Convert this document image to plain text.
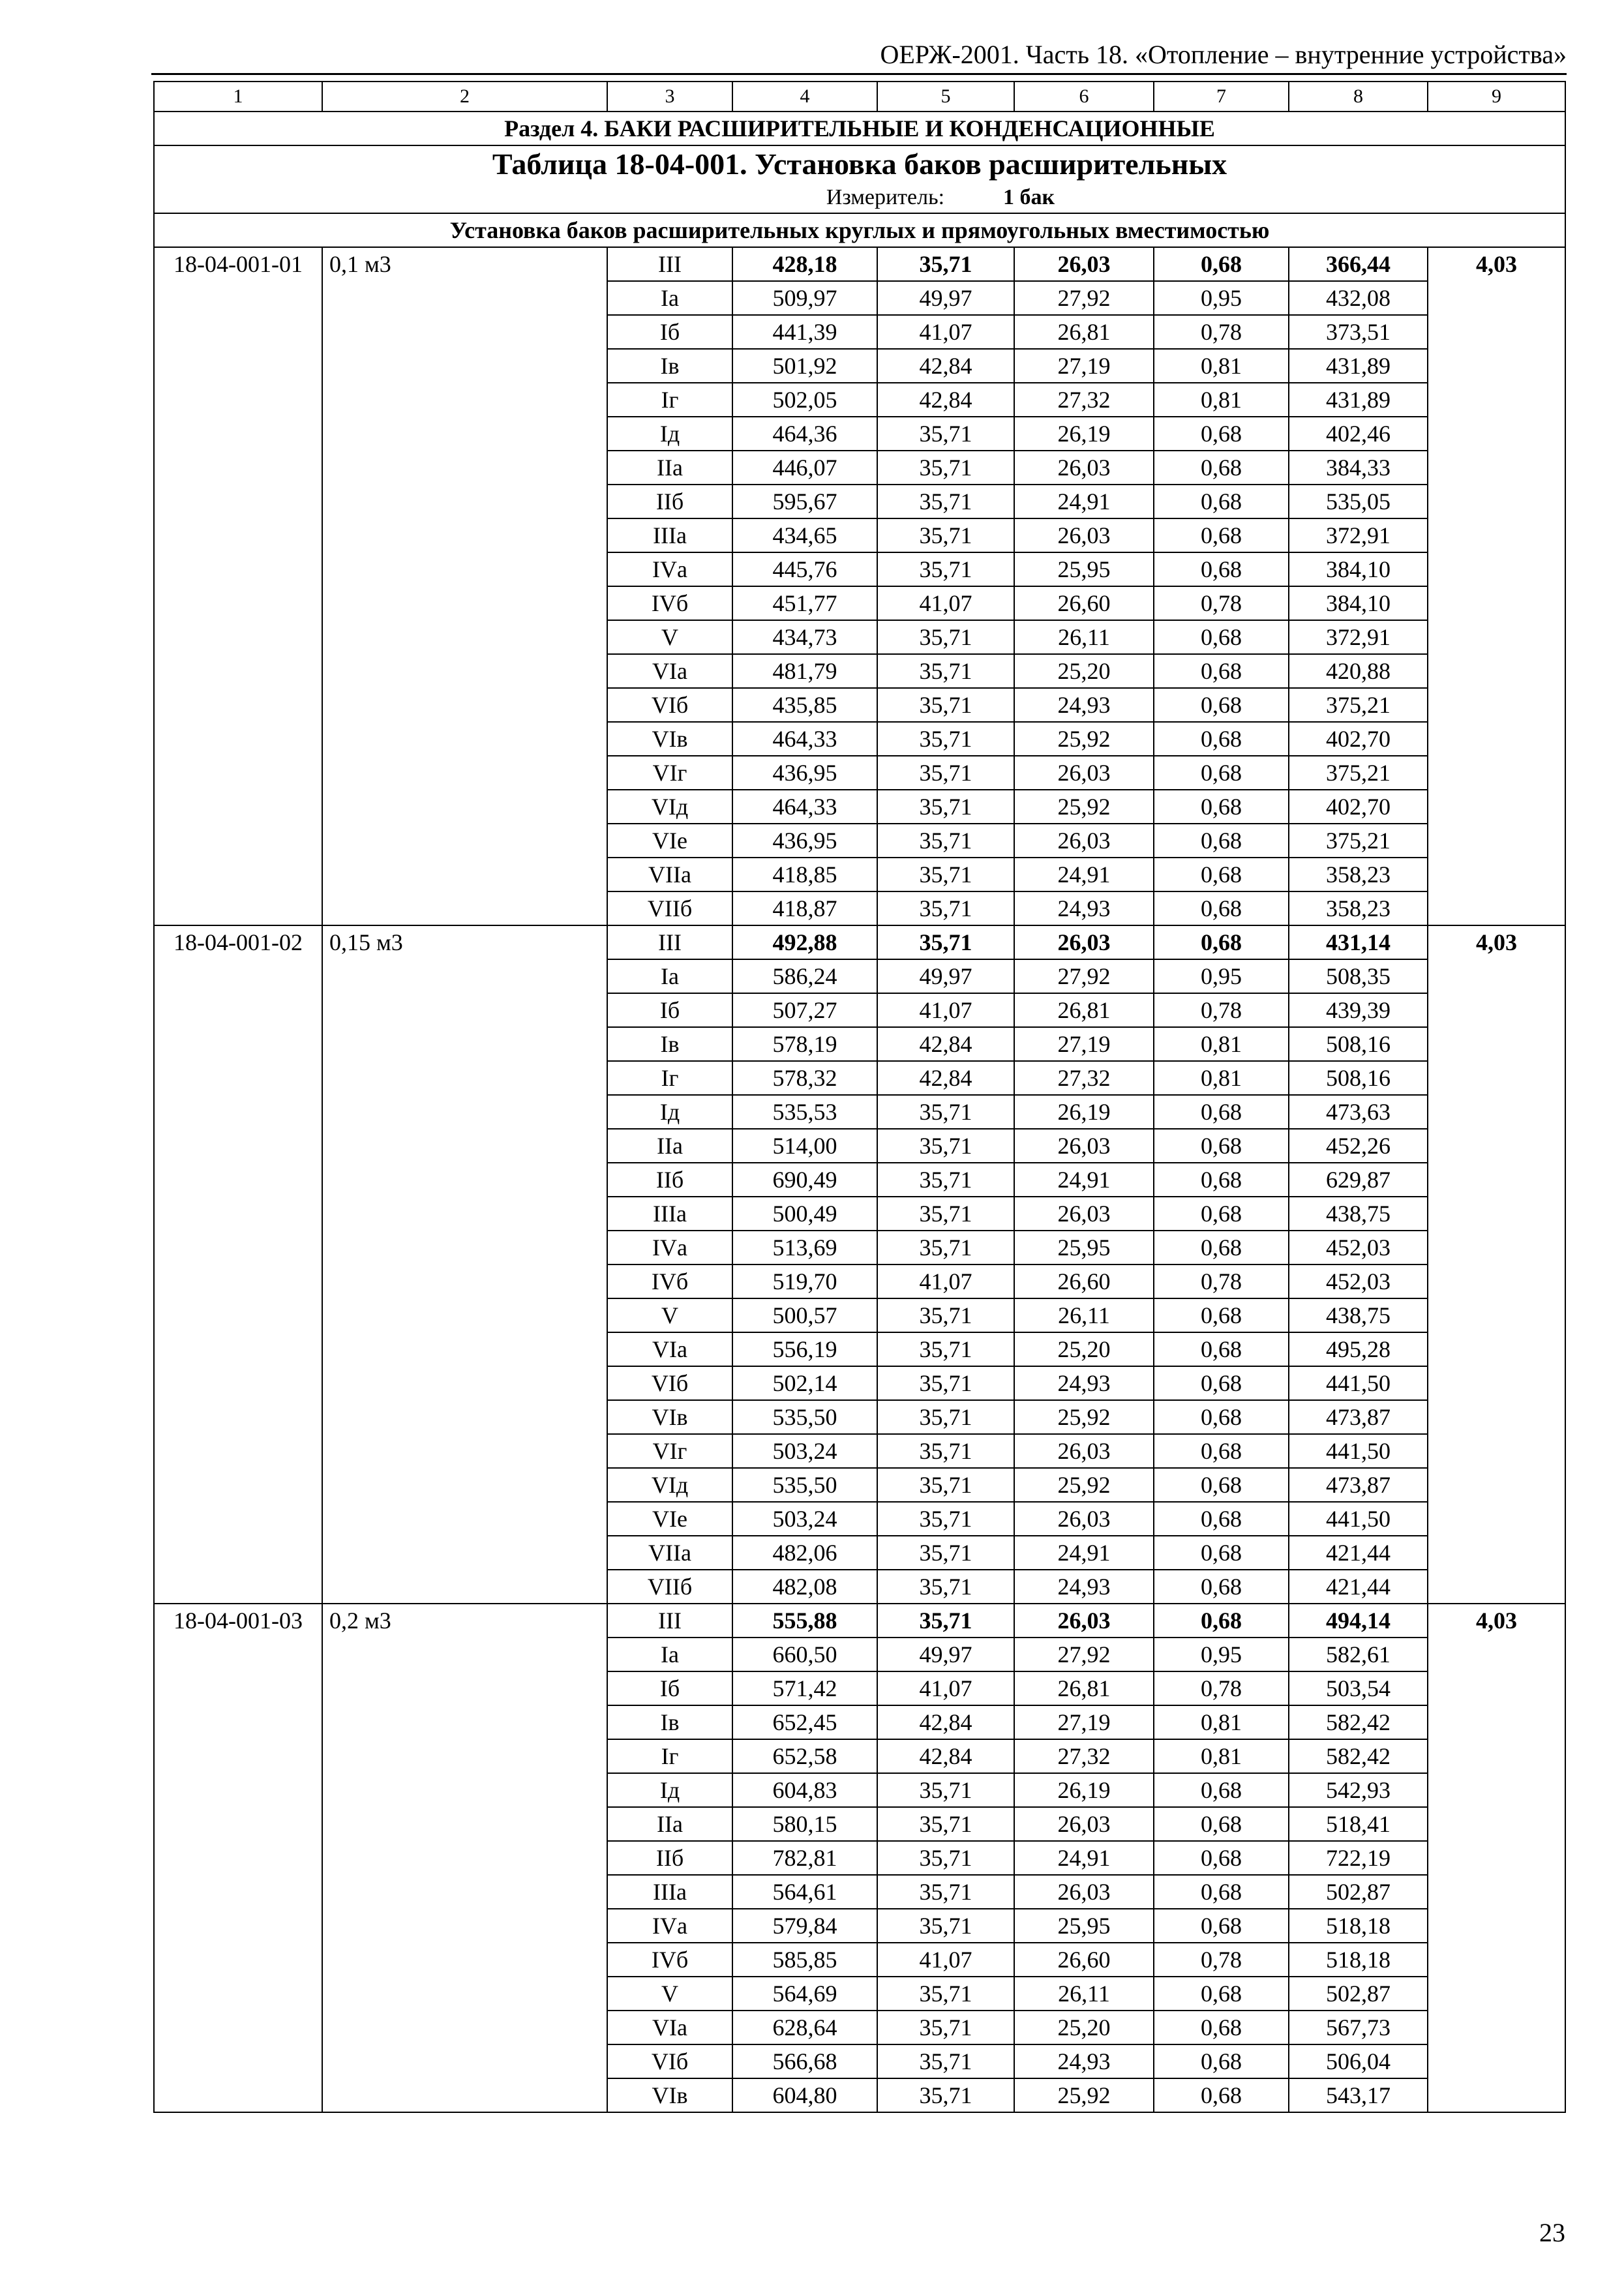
ОЕРЖ-2001. Часть 18. «Отопление – внутренние устройства»
1	2	3	4	5	6	7	8	9
Раздел 4. БАКИ РАСШИРИТЕЛЬНЫЕ И КОНДЕНСАЦИОННЫЕ								

Таблица 18-04-001. Установка баков расширительных
Измеритель: 1 бак								

Установка баков расширительных круглых и прямоугольных вместимостью								
18-04-001-01	0,1 м3	III	428,18	35,71	26,03	0,68	366,44	4,03
		Iа	509,97	49,97	27,92	0,95	432,08	
		Iб	441,39	41,07	26,81	0,78	373,51	
		Iв	501,92	42,84	27,19	0,81	431,89	
		Iг	502,05	42,84	27,32	0,81	431,89	
		Iд	464,36	35,71	26,19	0,68	402,46	
		IIа	446,07	35,71	26,03	0,68	384,33	
		IIб	595,67	35,71	24,91	0,68	535,05	
		IIIа	434,65	35,71	26,03	0,68	372,91	
		IVа	445,76	35,71	25,95	0,68	384,10	
		IVб	451,77	41,07	26,60	0,78	384,10	
		V	434,73	35,71	26,11	0,68	372,91	
		VIа	481,79	35,71	25,20	0,68	420,88	
		VIб	435,85	35,71	24,93	0,68	375,21	
		VIв	464,33	35,71	25,92	0,68	402,70	
		VIг	436,95	35,71	26,03	0,68	375,21	
		VIд	464,33	35,71	25,92	0,68	402,70	
		VIе	436,95	35,71	26,03	0,68	375,21	
		VIIа	418,85	35,71	24,91	0,68	358,23	
		VIIб	418,87	35,71	24,93	0,68	358,23	
18-04-001-02	0,15 м3	III	492,88	35,71	26,03	0,68	431,14	4,03
		Iа	586,24	49,97	27,92	0,95	508,35	
		Iб	507,27	41,07	26,81	0,78	439,39	
		Iв	578,19	42,84	27,19	0,81	508,16	
		Iг	578,32	42,84	27,32	0,81	508,16	
		Iд	535,53	35,71	26,19	0,68	473,63	
		IIа	514,00	35,71	26,03	0,68	452,26	
		IIб	690,49	35,71	24,91	0,68	629,87	
		IIIа	500,49	35,71	26,03	0,68	438,75	
		IVа	513,69	35,71	25,95	0,68	452,03	
		IVб	519,70	41,07	26,60	0,78	452,03	
		V	500,57	35,71	26,11	0,68	438,75	
		VIа	556,19	35,71	25,20	0,68	495,28	
		VIб	502,14	35,71	24,93	0,68	441,50	
		VIв	535,50	35,71	25,92	0,68	473,87	
		VIг	503,24	35,71	26,03	0,68	441,50	
		VIд	535,50	35,71	25,92	0,68	473,87	
		VIе	503,24	35,71	26,03	0,68	441,50	
		VIIа	482,06	35,71	24,91	0,68	421,44	
		VIIб	482,08	35,71	24,93	0,68	421,44	
18-04-001-03	0,2 м3	III	555,88	35,71	26,03	0,68	494,14	4,03
		Iа	660,50	49,97	27,92	0,95	582,61	
		Iб	571,42	41,07	26,81	0,78	503,54	
		Iв	652,45	42,84	27,19	0,81	582,42	
		Iг	652,58	42,84	27,32	0,81	582,42	
		Iд	604,83	35,71	26,19	0,68	542,93	
		IIа	580,15	35,71	26,03	0,68	518,41	
		IIб	782,81	35,71	24,91	0,68	722,19	
		IIIа	564,61	35,71	26,03	0,68	502,87	
		IVа	579,84	35,71	25,95	0,68	518,18	
		IVб	585,85	41,07	26,60	0,78	518,18	
		V	564,69	35,71	26,11	0,68	502,87	
		VIа	628,64	35,71	25,20	0,68	567,73	
		VIб	566,68	35,71	24,93	0,68	506,04	
		VIв	604,80	35,71	25,92	0,68	543,17	
23
